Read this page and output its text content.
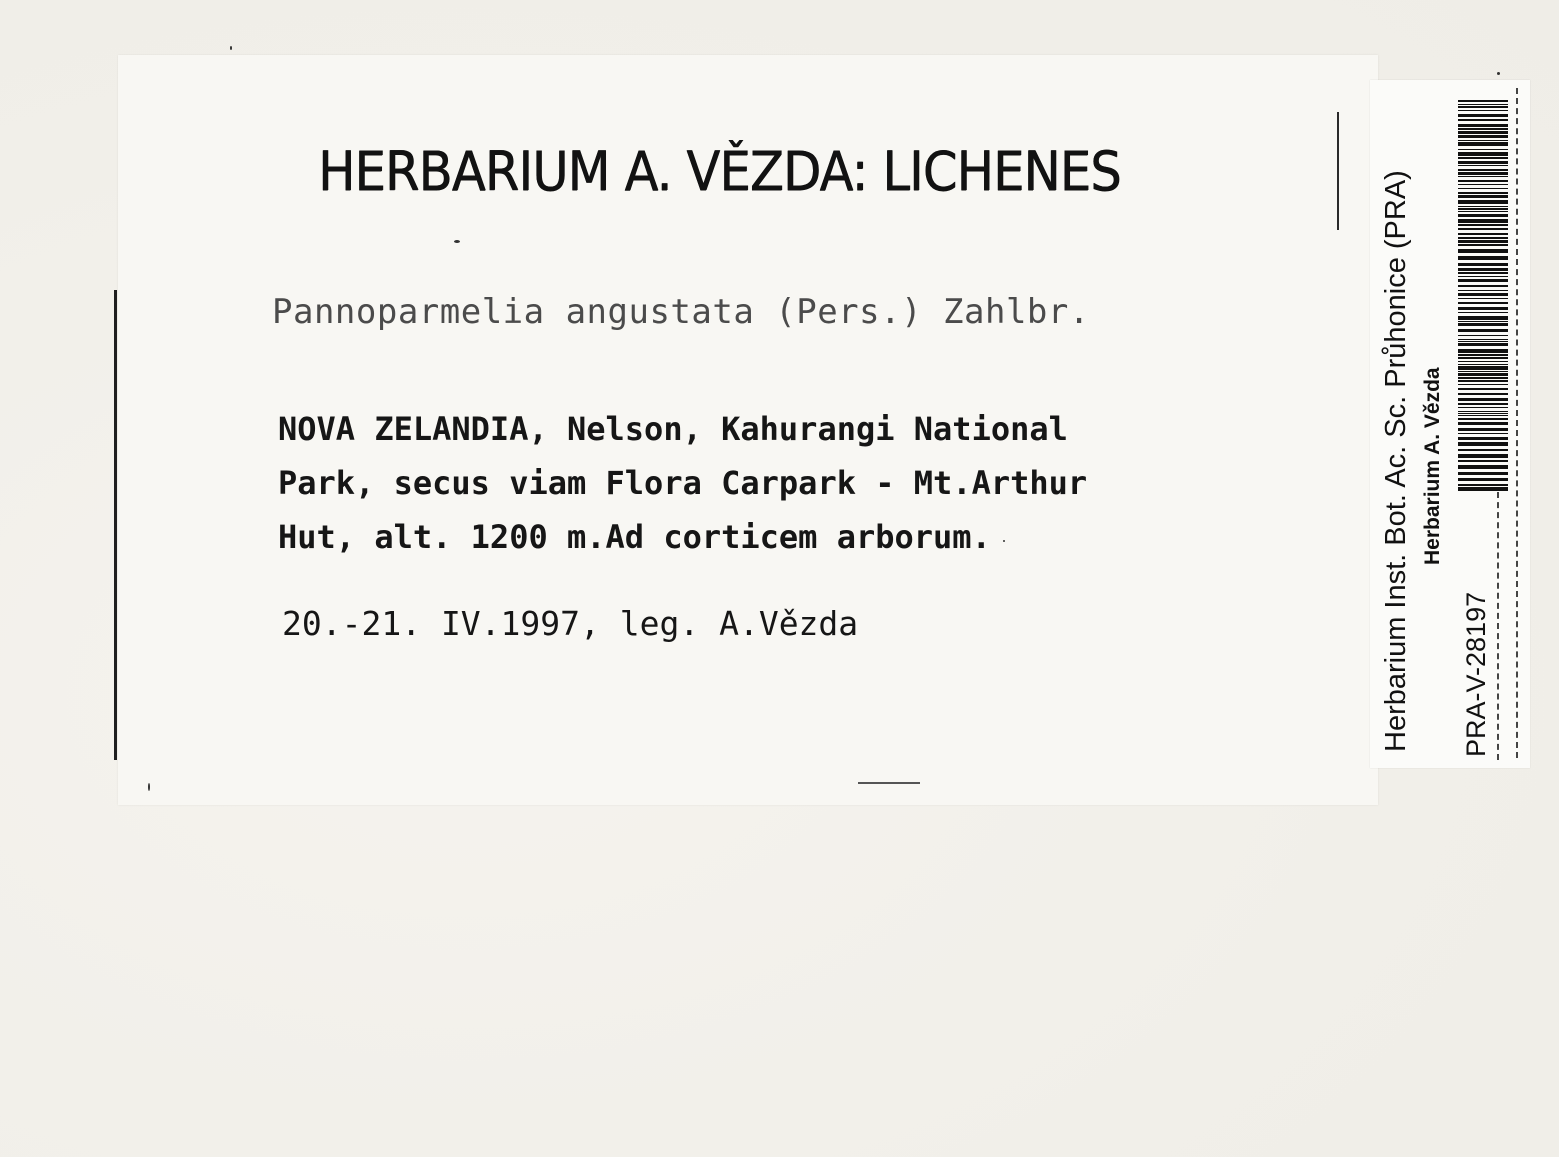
HERBARIUM A. VĚZDA: LICHENES
Pannoparmelia angustata (Pers.) Zahlbr.
NOVA ZELANDIA, Nelson, Kahurangi National
Park, secus viam Flora Carpark - Mt.Arthur
Hut, alt. 1200 m.Ad corticem arborum.
20.-21. IV.1997, leg. A.Vězda	Herbarium Inst. Bot. Ac. Sc. Průhonice (PRA) Herbarium A. Vězda
PRA-V-28197
